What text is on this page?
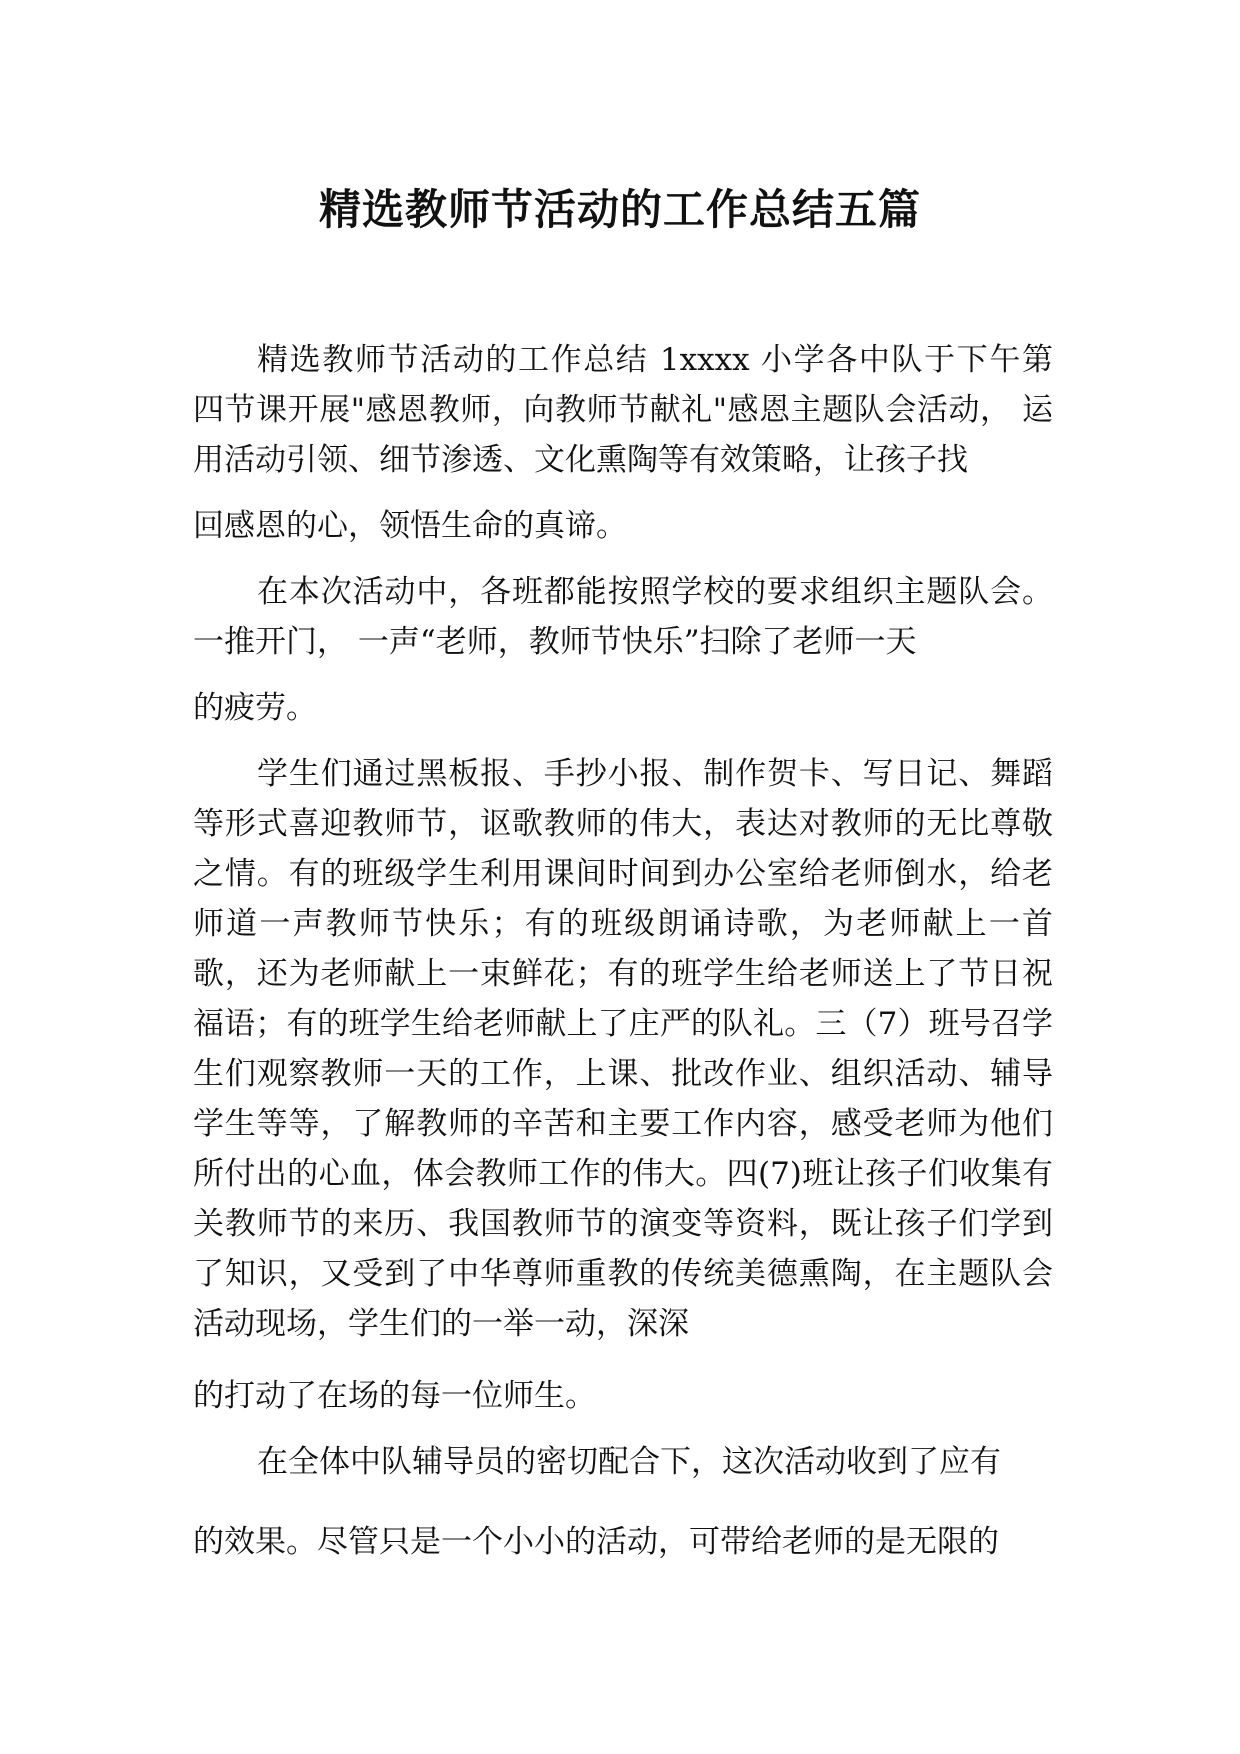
精选教师节活动的工作总结五篇

精选教师节活动的工作总结 1xxxx 小学各中队于下午第 四节课开展"感恩教师，向教师节献礼"感恩主题队会活动， 运用活动引领、细节渗透、文化熏陶等有效策略，让孩子找

回感恩的心，领悟生命的真谛。

在本次活动中，各班都能按照学校的要求组织主题队会。 一推开门， 一声“老师，教师节快乐”扫除了老师一天

的疲劳。

学生们通过黑板报、手抄小报、制作贺卡、写日记、舞蹈等形式喜迎教师节，讴歌教师的伟大，表达对教师的无比尊敬之情。有的班级学生利用课间时间到办公室给老师倒水，给老师道一声教师节快乐；有的班级朗诵诗歌，为老师献上一首歌，还为老师献上一束鲜花；有的班学生给老师送上了节日祝福语；有的班学生给老师献上了庄严的队礼。三（7）班号召学生们观察教师一天的工作，上课、批改作业、组织活动、辅导学生等等，了解教师的辛苦和主要工作内容，感受老师为他们所付出的心血，体会教师工作的伟大。四(7)班让孩子们收集有关教师节的来历、我国教师节的演变等资料，既让孩子们学到了知识，又受到了中华尊师重教的传统美德熏陶，在主题队会活动现场，学生们的一举一动，深深

的打动了在场的每一位师生。

在全体中队辅导员的密切配合下，这次活动收到了应有

的效果。尽管只是一个小小的活动，可带给老师的是无限的
